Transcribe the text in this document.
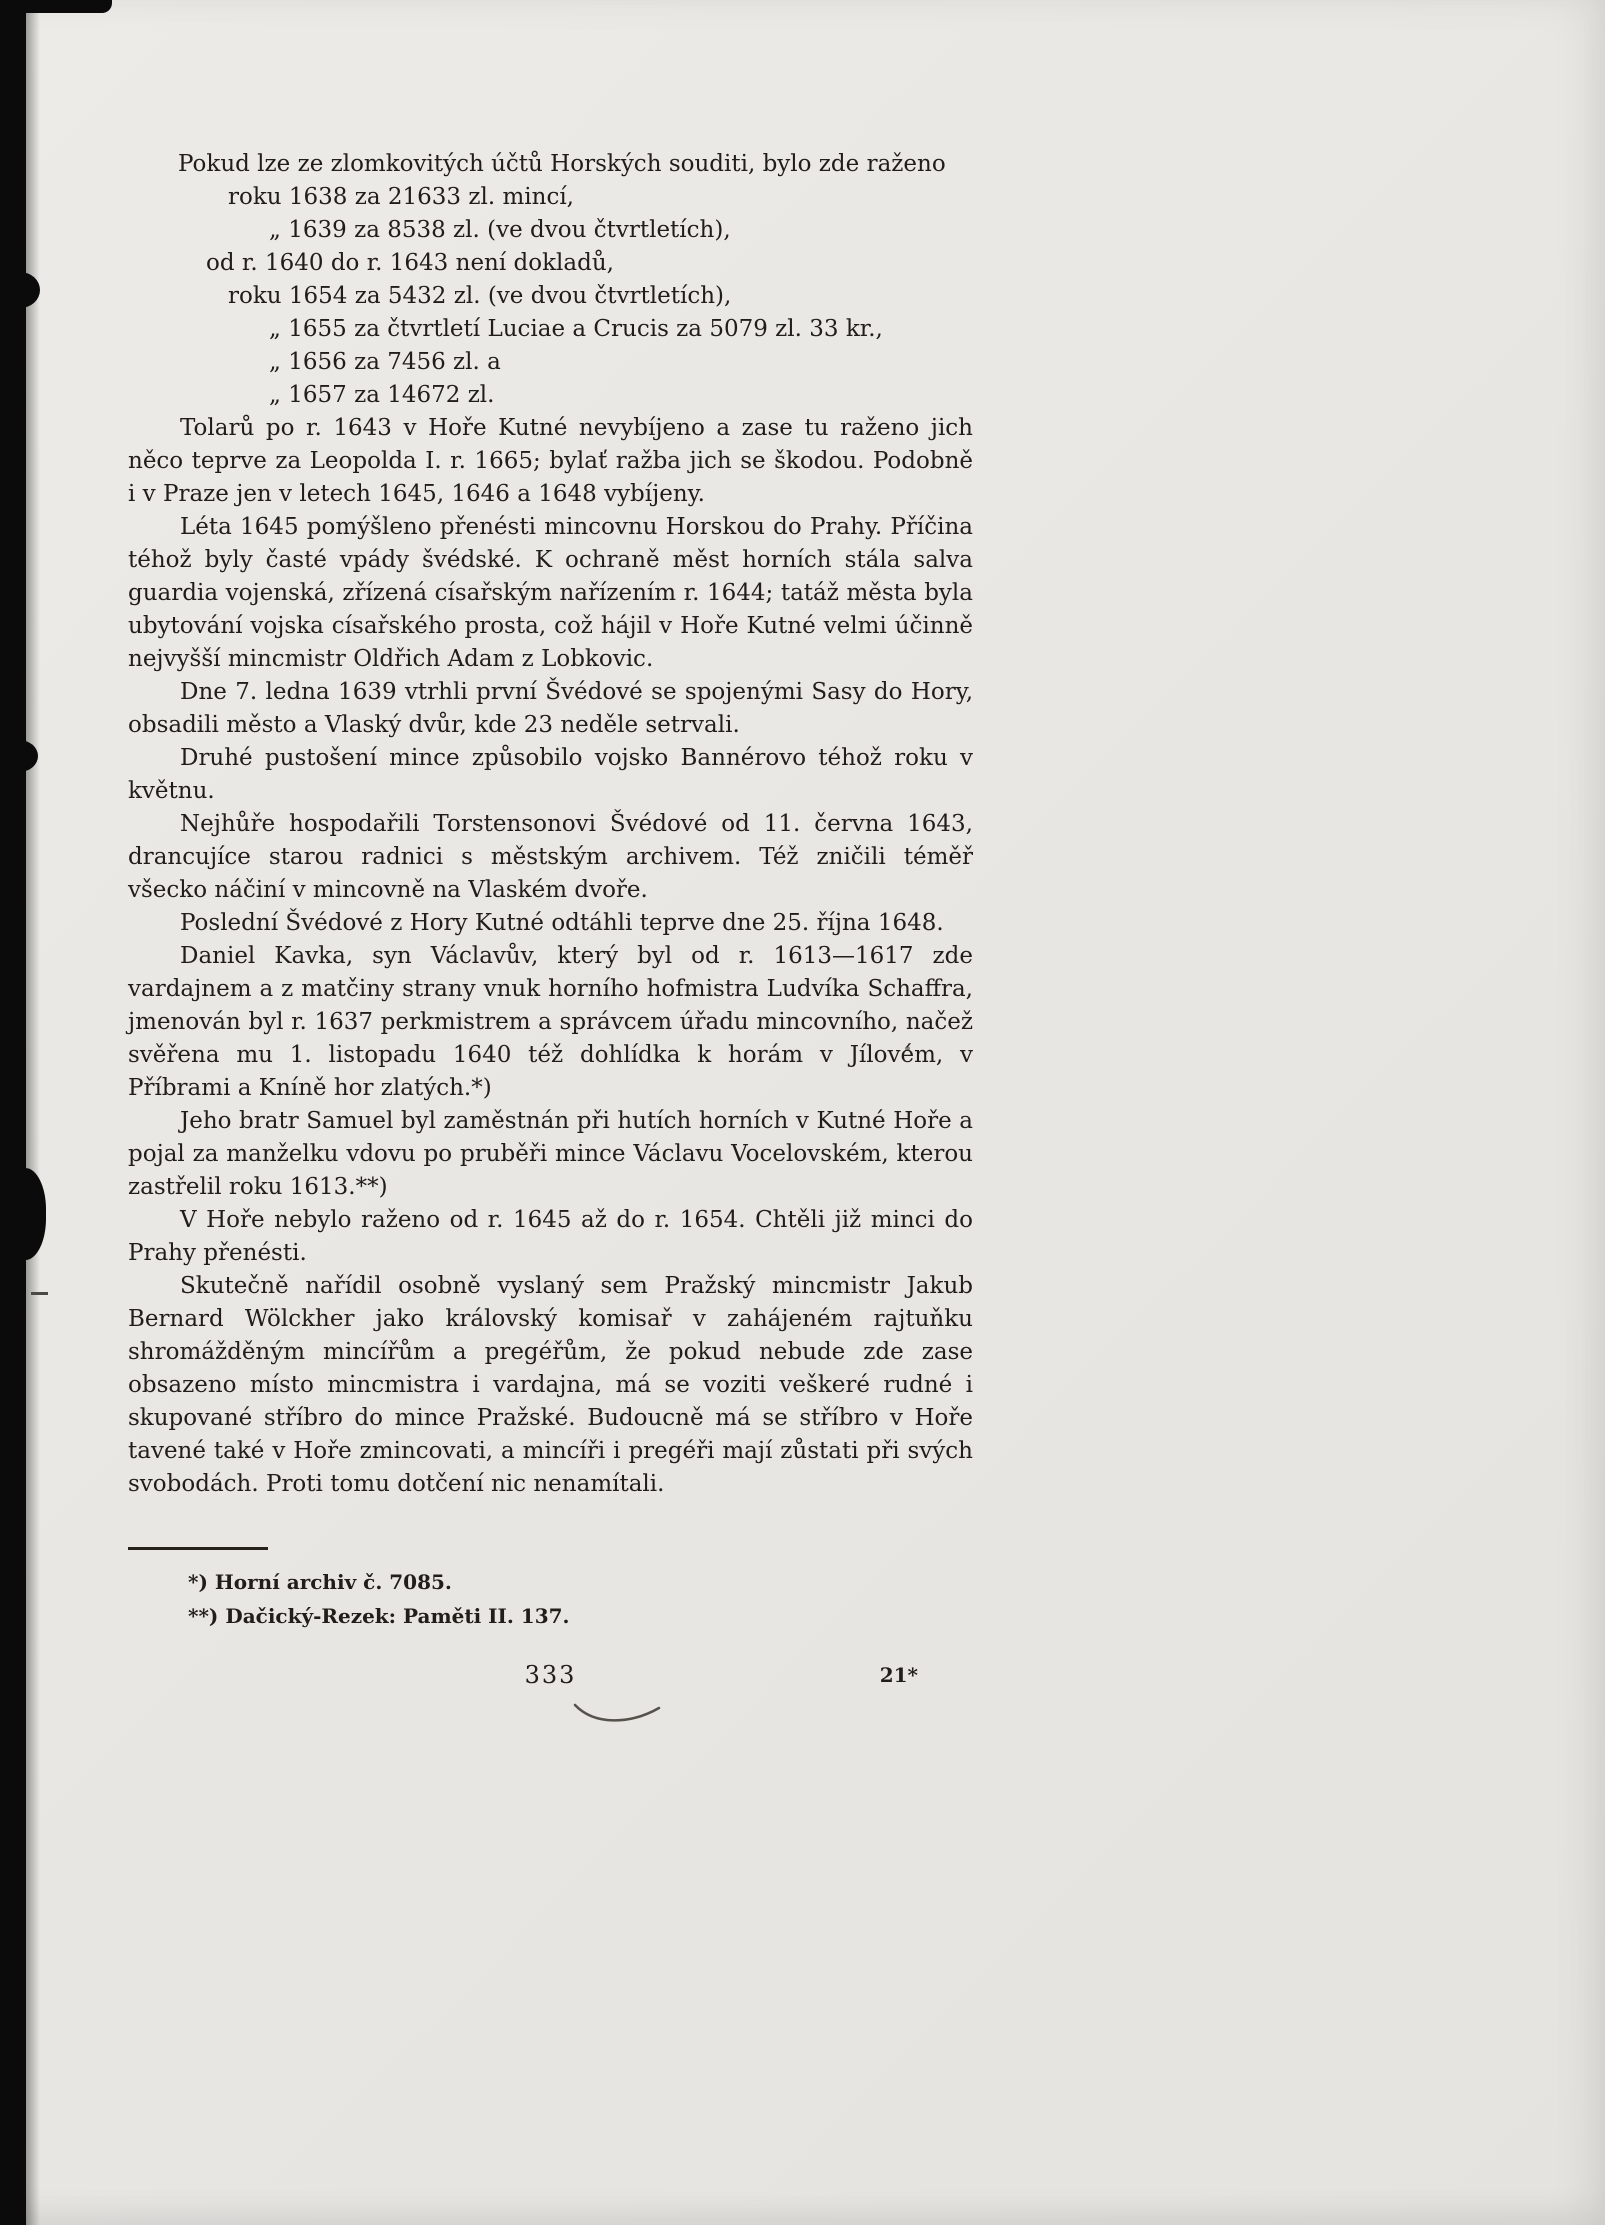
Pokud lze ze zlomkovitých účtů Horských souditi, bylo zde raženo

roku 1638 za 21633 zl. mincí,

„ 1639 za 8538 zl. (ve dvou čtvrtletích),

od r. 1640 do r. 1643 není dokladů,

roku 1654 za 5432 zl. (ve dvou čtvrtletích),

„ 1655 za čtvrtletí Luciae a Crucis za 5079 zl. 33 kr.,

„ 1656 za 7456 zl. a

„ 1657 za 14672 zl.

Tolarů po r. 1643 v Hoře Kutné nevybíjeno a zase tu raženo jich něco teprve za Leopolda I. r. 1665; bylať ražba jich se škodou. Podobně i v Praze jen v letech 1645, 1646 a 1648 vybíjeny.

Léta 1645 pomýšleno přenésti mincovnu Horskou do Prahy. Příčina téhož byly časté vpády švédské. K ochraně měst horních stála salva guardia vojenská, zřízená císařským nařízením r. 1644; tatáž města byla ubytování vojska císařského prosta, což hájil v Hoře Kutné velmi účinně nejvyšší mincmistr Oldřich Adam z Lobkovic.

Dne 7. ledna 1639 vtrhli první Švédové se spojenými Sasy do Hory, obsadili město a Vlaský dvůr, kde 23 neděle setrvali.

Druhé pustošení mince způsobilo vojsko Bannérovo téhož roku v květnu.

Nejhůře hospodařili Torstensonovi Švédové od 11. června 1643, drancujíce starou radnici s městským archivem. Též zničili téměř všecko náčiní v mincovně na Vlaském dvoře.

Poslední Švédové z Hory Kutné odtáhli teprve dne 25. října 1648.

Daniel Kavka, syn Václavův, který byl od r. 1613—1617 zde vardajnem a z matčiny strany vnuk horního hofmistra Ludvíka Schaffra, jmenován byl r. 1637 perkmistrem a správcem úřadu mincovního, načež svěřena mu 1. listopadu 1640 též dohlídka k horám v Jílovém, v Příbrami a Kníně hor zlatých.*)

Jeho bratr Samuel byl zaměstnán při hutích horních v Kutné Hoře a pojal za manželku vdovu po pruběři mince Václavu Vocelovském, kterou zastřelil roku 1613.**)

V Hoře nebylo raženo od r. 1645 až do r. 1654. Chtěli již minci do Prahy přenésti.

Skutečně nařídil osobně vyslaný sem Pražský mincmistr Jakub Bernard Wölckher jako královský komisař v zahájeném rajtuňku shromážděným mincířům a pregéřům, že pokud nebude zde zase obsazeno místo mincmistra i vardajna, má se voziti veškeré rudné i skupované stříbro do mince Pražské. Budoucně má se stříbro v Hoře tavené také v Hoře zmincovati, a mincíři i pregéři mají zůstati při svých svobodách. Proti tomu dotčení nic nenamítali.

*) Horní archiv č. 7085.

**) Dačický-Rezek: Paměti II. 137.

333	21*
